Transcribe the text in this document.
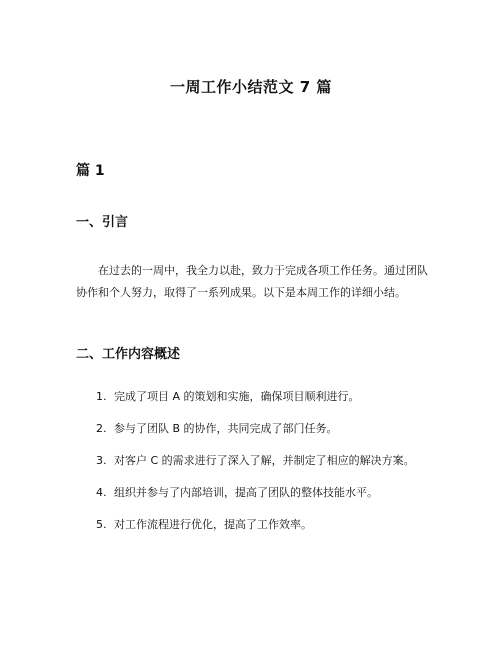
一周工作小结范文 7 篇
篇 1
一、引言

在过去的一周中，我全力以赴，致力于完成各项工作任务。通过团队协作和个人努力，取得了一系列成果。以下是本周工作的详细小结。

二、工作内容概述
1. 完成了项目 A 的策划和实施，确保项目顺利进行。
2. 参与了团队 B 的协作，共同完成了部门任务。
3. 对客户 C 的需求进行了深入了解，并制定了相应的解决方案。
4. 组织并参与了内部培训，提高了团队的整体技能水平。
5. 对工作流程进行优化，提高了工作效率。
